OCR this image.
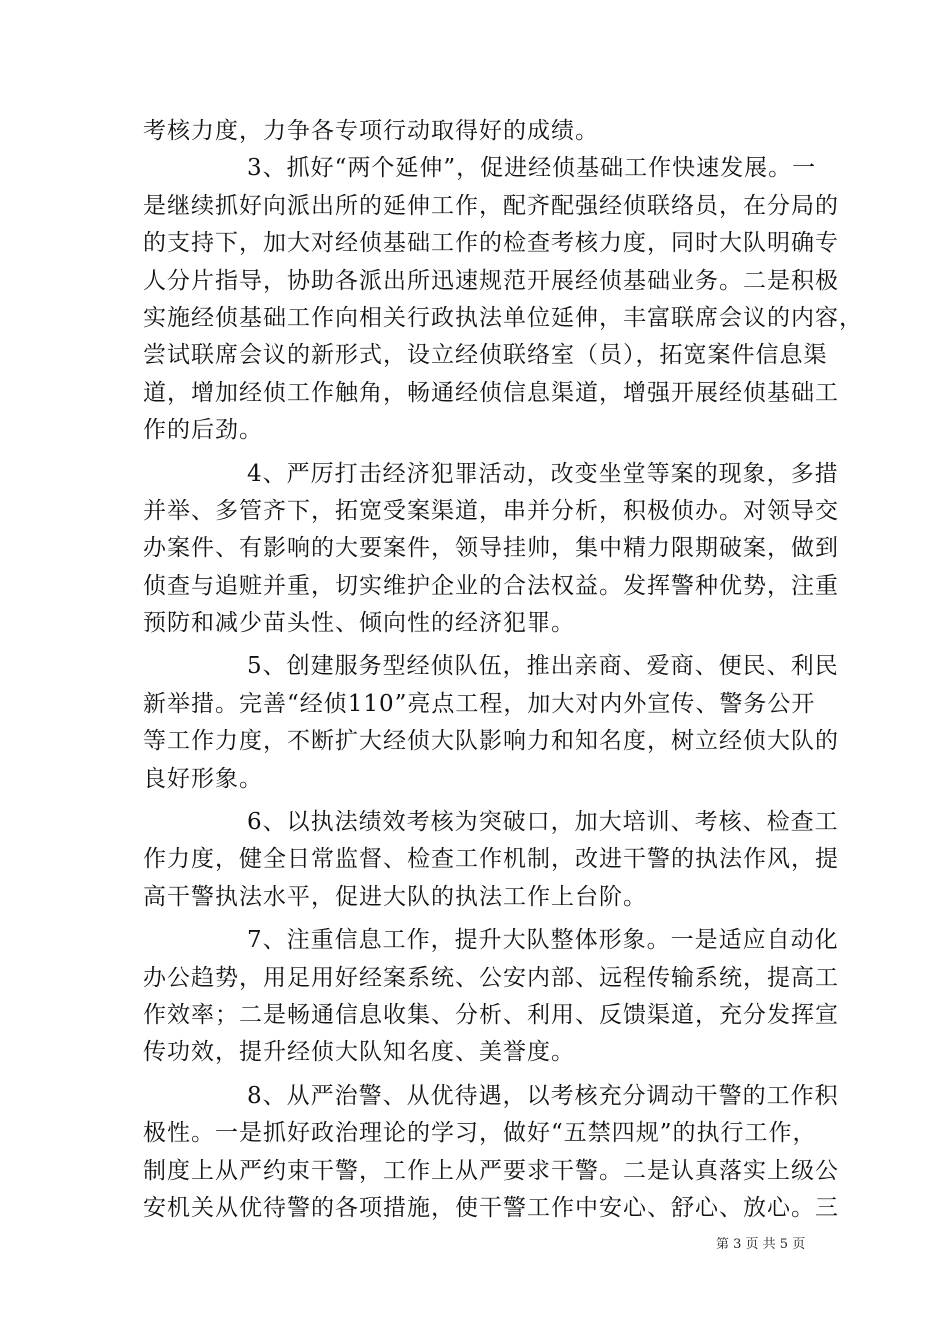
考核力度，力争各专项行动取得好的成绩。
3、抓好“两个延伸”，促进经侦基础工作快速发展。一
是继续抓好向派出所的延伸工作，配齐配强经侦联络员，在分局的
的支持下，加大对经侦基础工作的检查考核力度，同时大队明确专
人分片指导，协助各派出所迅速规范开展经侦基础业务。二是积极
实施经侦基础工作向相关行政执法单位延伸，丰富联席会议的内容，
尝试联席会议的新形式，设立经侦联络室（员），拓宽案件信息渠
道，增加经侦工作触角，畅通经侦信息渠道，增强开展经侦基础工
作的后劲。
4、严厉打击经济犯罪活动，改变坐堂等案的现象，多措
并举、多管齐下，拓宽受案渠道，串并分析，积极侦办。对领导交
办案件、有影响的大要案件，领导挂帅，集中精力限期破案，做到
侦查与追赃并重，切实维护企业的合法权益。发挥警种优势，注重
预防和减少苗头性、倾向性的经济犯罪。
5、创建服务型经侦队伍，推出亲商、爱商、便民、利民
新举措。完善“经侦110”亮点工程，加大对内外宣传、警务公开
等工作力度，不断扩大经侦大队影响力和知名度，树立经侦大队的
良好形象。
6、以执法绩效考核为突破口，加大培训、考核、检查工
作力度，健全日常监督、检查工作机制，改进干警的执法作风，提
高干警执法水平，促进大队的执法工作上台阶。
7、注重信息工作，提升大队整体形象。一是适应自动化
办公趋势，用足用好经案系统、公安内部、远程传输系统，提高工
作效率；二是畅通信息收集、分析、利用、反馈渠道，充分发挥宣
传功效，提升经侦大队知名度、美誉度。
8、从严治警、从优待遇，以考核充分调动干警的工作积
极性。一是抓好政治理论的学习，做好“五禁四规”的执行工作，
制度上从严约束干警，工作上从严要求干警。二是认真落实上级公
安机关从优待警的各项措施，使干警工作中安心、舒心、放心。三
第 3 页 共 5 页
